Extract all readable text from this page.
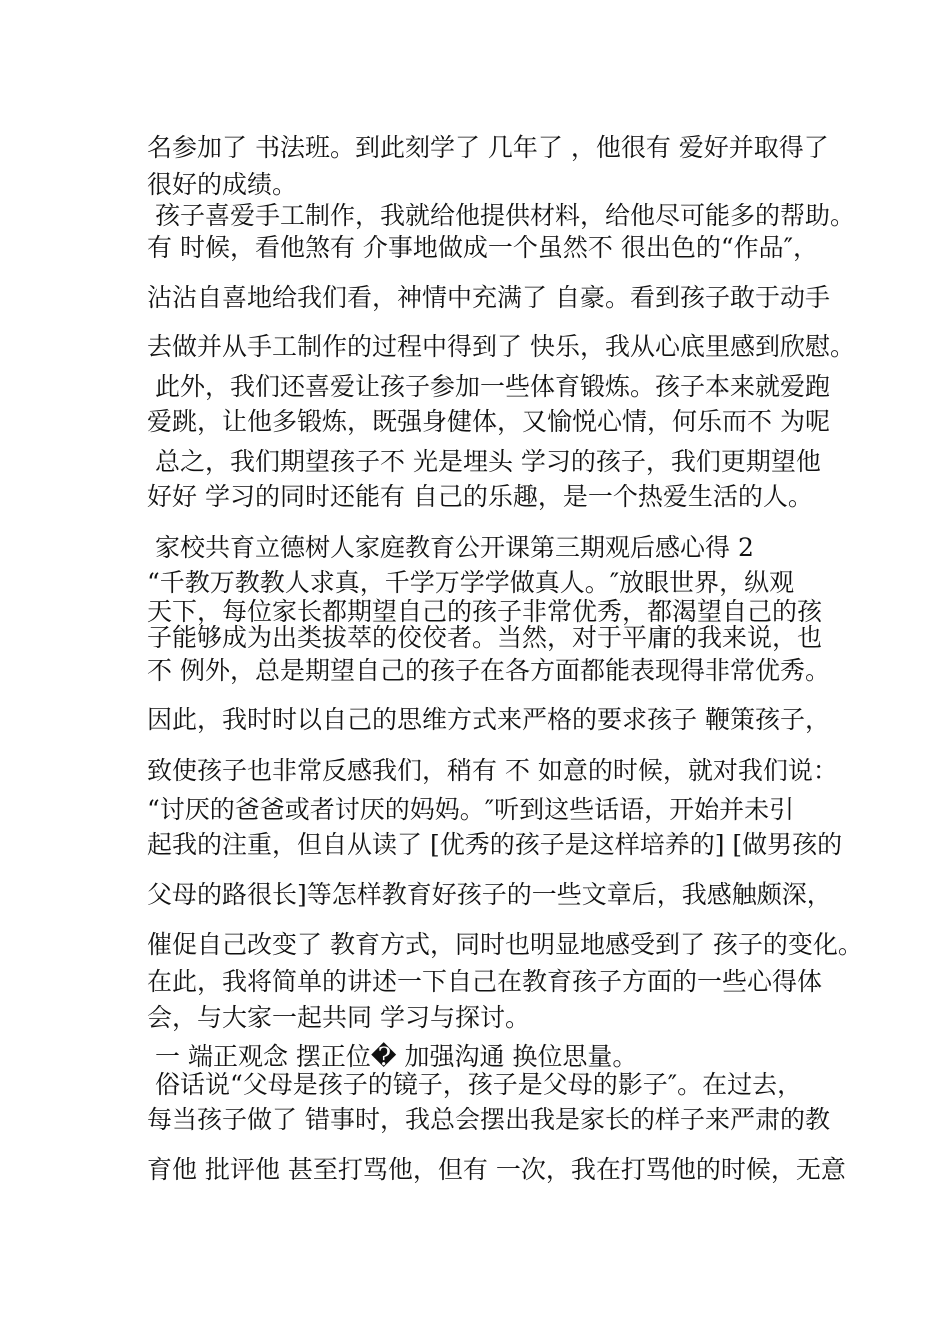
名参加了 书法班。到此刻学了 几年了 ，他很有 爱好并取得了
很好的成绩。
孩子喜爱手工制作，我就给他提供材料，给他尽可能多的帮助。
有 时候，看他煞有 介事地做成一个虽然不 很出色的“作品″，
沾沾自喜地给我们看，神情中充满了 自豪。看到孩子敢于动手
去做并从手工制作的过程中得到了 快乐，我从心底里感到欣慰。
此外，我们还喜爱让孩子参加一些体育锻炼。孩子本来就爱跑
爱跳，让他多锻炼，既强身健体，又愉悦心情，何乐而不 为呢
总之，我们期望孩子不 光是埋头 学习的孩子，我们更期望他
好好 学习的同时还能有 自己的乐趣，是一个热爱生活的人。
家校共育立德树人家庭教育公开课第三期观后感心得 2
“千教万教教人求真，千学万学学做真人。″放眼世界，纵观
天下，每位家长都期望自己的孩子非常优秀，都渴望自己的孩
子能够成为出类拔萃的佼佼者。当然，对于平庸的我来说，也
不 例外，总是期望自己的孩子在各方面都能表现得非常优秀。
因此，我时时以自己的思维方式来严格的要求孩子 鞭策孩子，
致使孩子也非常反感我们，稍有 不 如意的时候，就对我们说：
“讨厌的爸爸或者讨厌的妈妈。″听到这些话语，开始并未引
起我的注重，但自从读了 [优秀的孩子是这样培养的] [做男孩的
父母的路很长]等怎样教育好孩子的一些文章后，我感触颇深，
催促自己改变了 教育方式，同时也明显地感受到了 孩子的变化。
在此，我将简单的讲述一下自己在教育孩子方面的一些心得体
会，与大家一起共同 学习与探讨。
一 端正观念 摆正位� 加强沟通 换位思量。
俗话说“父母是孩子的镜子，孩子是父母的影子″。在过去，
每当孩子做了 错事时，我总会摆出我是家长的样子来严肃的教
育他 批评他 甚至打骂他，但有 一次，我在打骂他的时候，无意
